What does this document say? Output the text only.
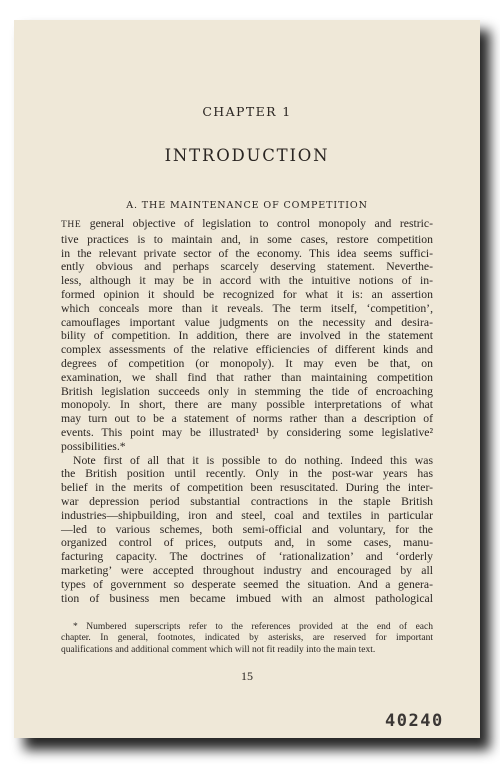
CHAPTER 1
INTRODUCTION
A. THE MAINTENANCE OF COMPETITION
THE general objective of legislation to control monopoly and restric-
tive practices is to maintain and, in some cases, restore competition
in the relevant private sector of the economy. This idea seems suffici-
ently obvious and perhaps scarcely deserving statement. Neverthe-
less, although it may be in accord with the intuitive notions of in-
formed opinion it should be recognized for what it is: an assertion
which conceals more than it reveals. The term itself, ‘competition’,
camouflages important value judgments on the necessity and desira-
bility of competition. In addition, there are involved in the statement
complex assessments of the relative efficiencies of different kinds and
degrees of competition (or monopoly). It may even be that, on
examination, we shall find that rather than maintaining competition
British legislation succeeds only in stemming the tide of encroaching
monopoly. In short, there are many possible interpretations of what
may turn out to be a statement of norms rather than a description of
events. This point may be illustrated¹ by considering some legislative²
possibilities.*
Note first of all that it is possible to do nothing. Indeed this was
the British position until recently. Only in the post-war years has
belief in the merits of competition been resuscitated. During the inter-
war depression period substantial contractions in the staple British
industries—shipbuilding, iron and steel, coal and textiles in particular
—led to various schemes, both semi-official and voluntary, for the
organized control of prices, outputs and, in some cases, manu-
facturing capacity. The doctrines of ‘rationalization’ and ‘orderly
marketing’ were accepted throughout industry and encouraged by all
types of government so desperate seemed the situation. And a genera-
tion of business men became imbued with an almost pathological
* Numbered superscripts refer to the references provided at the end of each
chapter. In general, footnotes, indicated by asterisks, are reserved for important
qualifications and additional comment which will not fit readily into the main text.
15
40240
